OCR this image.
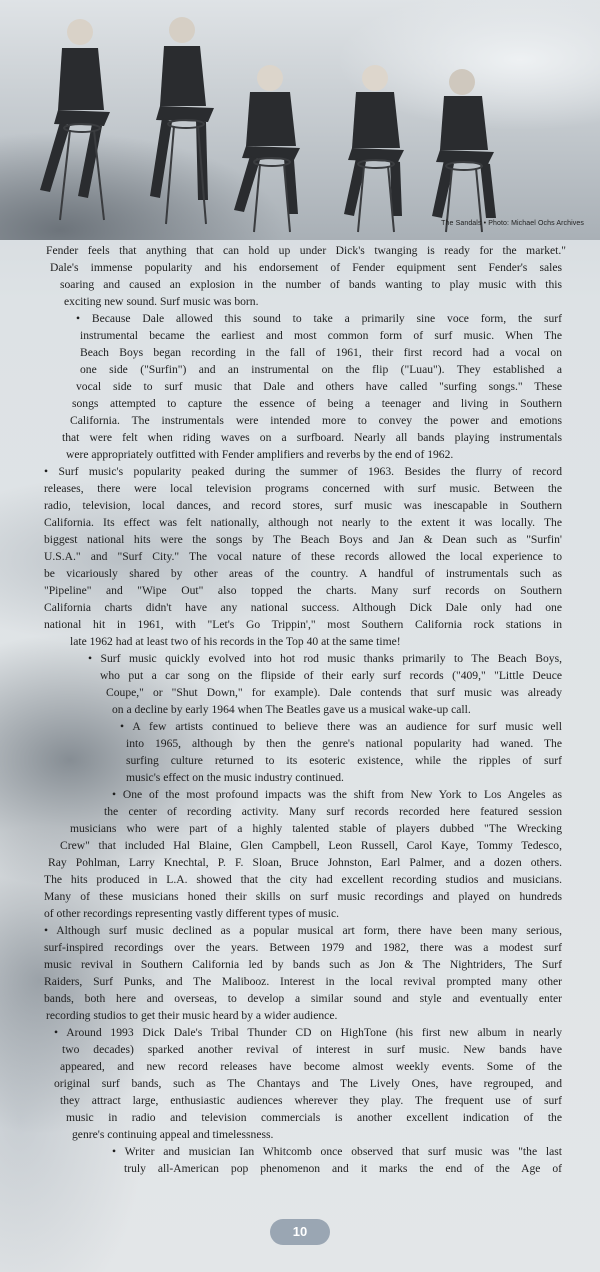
The Sandals • Photo: Michael Ochs Archives
Fender feels that anything that can hold up under Dick's twanging is ready for the market."
Dale's immense popularity and his endorsement of Fender equipment sent Fender's sales
soaring and caused an explosion in the number of bands wanting to play music with this
exciting new sound. Surf music was born.
• Because Dale allowed this sound to take a primarily sine voce form, the surf
instrumental became the earliest and most common form of surf music. When The
Beach Boys began recording in the fall of 1961, their first record had a vocal on
one side ("Surfin") and an instrumental on the flip ("Luau"). They established a
vocal side to surf music that Dale and others have called "surfing songs." These
songs attempted to capture the essence of being a teenager and living in Southern
California. The instrumentals were intended more to convey the power and emotions
that were felt when riding waves on a surfboard. Nearly all bands playing instrumentals
were appropriately outfitted with Fender amplifiers and reverbs by the end of 1962.
• Surf music's popularity peaked during the summer of 1963. Besides the flurry of record
releases, there were local television programs concerned with surf music. Between the
radio, television, local dances, and record stores, surf music was inescapable in Southern
California. Its effect was felt nationally, although not nearly to the extent it was locally. The
biggest national hits were the songs by The Beach Boys and Jan & Dean such as "Surfin'
U.S.A." and "Surf City." The vocal nature of these records allowed the local experience to
be vicariously shared by other areas of the country. A handful of instrumentals such as
"Pipeline" and "Wipe Out" also topped the charts. Many surf records on Southern
California charts didn't have any national success. Although Dick Dale only had one
national hit in 1961, with "Let's Go Trippin'," most Southern California rock stations in
late 1962 had at least two of his records in the Top 40 at the same time!
• Surf music quickly evolved into hot rod music thanks primarily to The Beach Boys,
who put a car song on the flipside of their early surf records ("409," "Little Deuce
Coupe," or "Shut Down," for example). Dale contends that surf music was already
on a decline by early 1964 when The Beatles gave us a musical wake-up call.
• A few artists continued to believe there was an audience for surf music well
into 1965, although by then the genre's national popularity had waned. The
surfing culture returned to its esoteric existence, while the ripples of surf
music's effect on the music industry continued.
• One of the most profound impacts was the shift from New York to Los Angeles as
the center of recording activity. Many surf records recorded here featured session
musicians who were part of a highly talented stable of players dubbed "The Wrecking
Crew" that included Hal Blaine, Glen Campbell, Leon Russell, Carol Kaye, Tommy Tedesco,
Ray Pohlman, Larry Knechtal, P. F. Sloan, Bruce Johnston, Earl Palmer, and a dozen others.
The hits produced in L.A. showed that the city had excellent recording studios and musicians.
Many of these musicians honed their skills on surf music recordings and played on hundreds
of other recordings representing vastly different types of music.
• Although surf music declined as a popular musical art form, there have been many serious,
surf-inspired recordings over the years. Between 1979 and 1982, there was a modest surf
music revival in Southern California led by bands such as Jon & The Nightriders, The Surf
Raiders, Surf Punks, and The Malibooz. Interest in the local revival prompted many other
bands, both here and overseas, to develop a similar sound and style and eventually enter
recording studios to get their music heard by a wider audience.
• Around 1993 Dick Dale's Tribal Thunder CD on HighTone (his first new album in nearly
two decades) sparked another revival of interest in surf music. New bands have
appeared, and new record releases have become almost weekly events. Some of the
original surf bands, such as The Chantays and The Lively Ones, have regrouped, and
they attract large, enthusiastic audiences wherever they play. The frequent use of surf
music in radio and television commercials is another excellent indication of the
genre's continuing appeal and timelessness.
• Writer and musician Ian Whitcomb once observed that surf music was "the last
truly all-American pop phenomenon and it marks the end of the Age of
10
